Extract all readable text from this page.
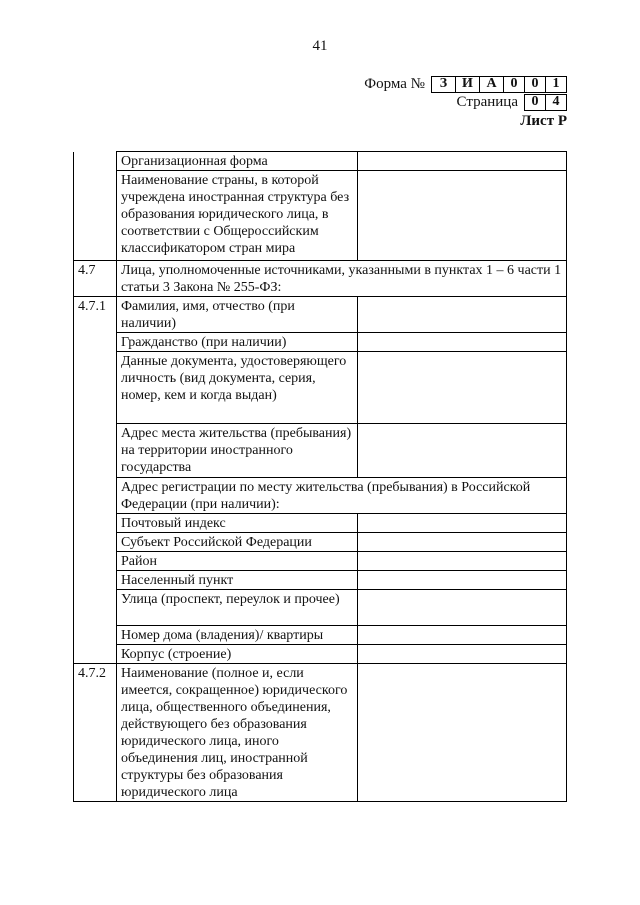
41
Форма №	З	И А 0	0	1
Страница 0	4
Лист Р
	Организационная форма	
	Наименование страны, в которой учреждена иностранная структура без образования юридического лица, в соответствии с Общероссийским классификатором стран мира	
4.7	Лица, уполномоченные источниками, указанными в пунктах 1 – 6 части 1 статьи 3 Закона № 255-ФЗ:	
4.7.1	Фамилия, имя, отчество (при наличии)	
	Гражданство (при наличии)	
	Данные документа, удостоверяющего личность (вид документа, серия, номер, кем и когда выдан)	
	Адрес места жительства (пребывания) на территории иностранного государства	
	Адрес регистрации по месту жительства (пребывания) в Российской Федерации (при наличии):	
	Почтовый индекс	
	Субъект Российской Федерации	
	Район	
	Населенный пункт	
	Улица (проспект, переулок и прочее)	
	Номер дома (владения)/ квартиры	
	Корпус (строение)	
4.7.2	Наименование (полное и, если имеется, сокращенное) юридического лица, общественного объединения, действующего без образования юридического лица, иного объединения лиц, иностранной структуры без образования юридического лица	
